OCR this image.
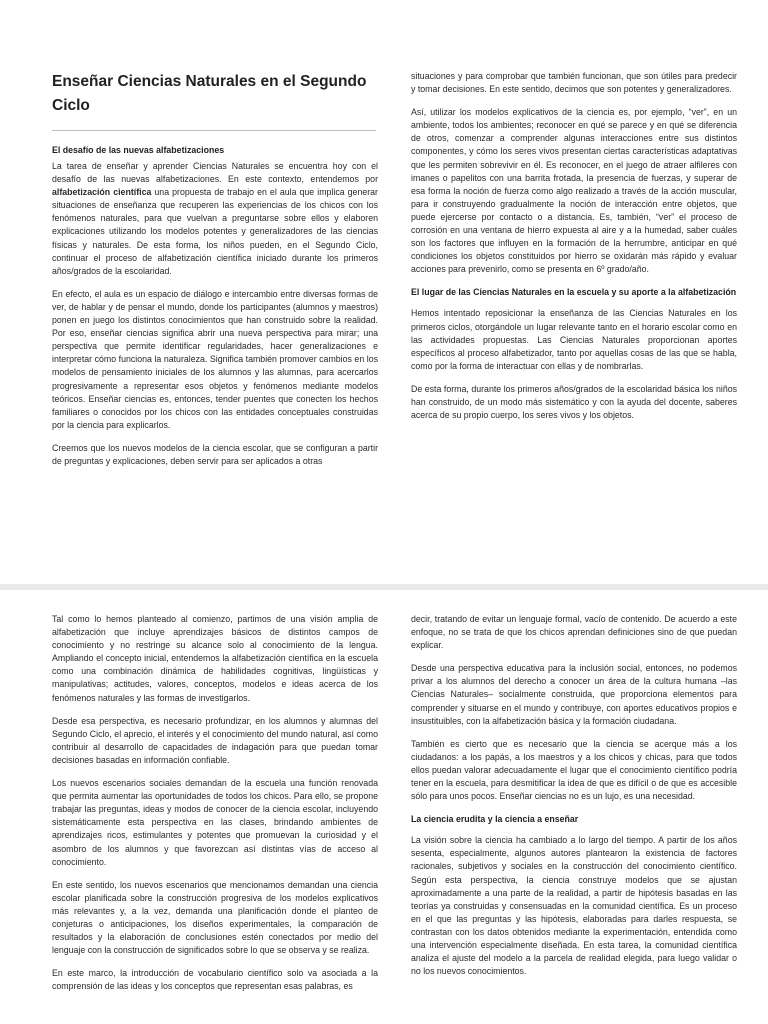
Enseñar Ciencias Naturales en el Segundo Ciclo
El desafío de las nuevas alfabetizaciones

La tarea de enseñar y aprender Ciencias Naturales se encuentra hoy con el desafío de las nuevas alfabetizaciones. En este contexto, entendemos por alfabetización científica una propuesta de trabajo en el aula que implica generar situaciones de enseñanza que recuperen las experiencias de los chicos con los fenómenos naturales, para que vuelvan a preguntarse sobre ellos y elaboren explicaciones utilizando los modelos potentes y generalizadores de las ciencias físicas y naturales. De esta forma, los niños pueden, en el Segundo Ciclo, continuar el proceso de alfabetización científica iniciado durante los primeros años/grados de la escolaridad.

En efecto, el aula es un espacio de diálogo e intercambio entre diversas formas de ver, de hablar y de pensar el mundo, donde los participantes (alumnos y maestros) ponen en juego los distintos conocimientos que han construido sobre la realidad. Por eso, enseñar ciencias significa abrir una nueva perspectiva para mirar; una perspectiva que permite identificar regularidades, hacer generalizaciones e interpretar cómo funciona la naturaleza. Significa también promover cambios en los modelos de pensamiento iniciales de los alumnos y las alumnas, para acercarlos progresivamente a representar esos objetos y fenómenos mediante modelos teóricos. Enseñar ciencias es, entonces, tender puentes que conecten los hechos familiares o conocidos por los chicos con las entidades conceptuales construidas por la ciencia para explicarlos.

Creemos que los nuevos modelos de la ciencia escolar, que se configuran a partir de preguntas y explicaciones, deben servir para ser aplicados a otras

situaciones y para comprobar que también funcionan, que son útiles para predecir y tomar decisiones. En este sentido, decimos que son potentes y generalizadores.

Así, utilizar los modelos explicativos de la ciencia es, por ejemplo, “ver”, en un ambiente, todos los ambientes; reconocer en qué se parece y en qué se diferencia de otros, comenzar a comprender algunas interacciones entre sus distintos componentes, y cómo los seres vivos presentan ciertas características adaptativas que les permiten sobrevivir en él. Es reconocer, en el juego de atraer alfileres con imanes o papelitos con una barrita frotada, la presencia de fuerzas, y superar de esa forma la noción de fuerza como algo realizado a través de la acción muscular, para ir construyendo gradualmente la noción de interacción entre objetos, que puede ejercerse por contacto o a distancia. Es, también, “ver” el proceso de corrosión en una ventana de hierro expuesta al aire y a la humedad, saber cuáles son los factores que influyen en la formación de la herrumbre, anticipar en qué condiciones los objetos constituidos por hierro se oxidarán más rápido y evaluar acciones para prevenirlo, como se presenta en 6º grado/año.

El lugar de las Ciencias Naturales en la escuela y su aporte a la alfabetización

Hemos intentado reposicionar la enseñanza de las Ciencias Naturales en los primeros ciclos, otorgándole un lugar relevante tanto en el horario escolar como en las actividades propuestas. Las Ciencias Naturales proporcionan aportes específicos al proceso alfabetizador, tanto por aquellas cosas de las que se habla, como por la forma de interactuar con ellas y de nombrarlas.

De esta forma, durante los primeros años/grados de la escolaridad básica los niños han construido, de un modo más sistemático y con la ayuda del docente, saberes acerca de su propio cuerpo, los seres vivos y los objetos.

Tal como lo hemos planteado al comienzo, partimos de una visión amplia de alfabetización que incluye aprendizajes básicos de distintos campos de conocimiento y no restringe su alcance solo al conocimiento de la lengua. Ampliando el concepto inicial, entendemos la alfabetización científica en la escuela como una combinación dinámica de habilidades cognitivas, lingüísticas y manipulativas; actitudes, valores, conceptos, modelos e ideas acerca de los fenómenos naturales y las formas de investigarlos.

Desde esa perspectiva, es necesario profundizar, en los alumnos y alumnas del Segundo Ciclo, el aprecio, el interés y el conocimiento del mundo natural, así como contribuir al desarrollo de capacidades de indagación para que puedan tomar decisiones basadas en información confiable.

Los nuevos escenarios sociales demandan de la escuela una función renovada que permita aumentar las oportunidades de todos los chicos. Para ello, se propone trabajar las preguntas, ideas y modos de conocer de la ciencia escolar, incluyendo sistemáticamente esta perspectiva en las clases, brindando ambientes de aprendizajes ricos, estimulantes y potentes que promuevan la curiosidad y el asombro de los alumnos y que favorezcan así distintas vías de acceso al conocimiento.

En este sentido, los nuevos escenarios que mencionamos demandan una ciencia escolar planificada sobre la construcción progresiva de los modelos explicativos más relevantes y, a la vez, demanda una planificación donde el planteo de conjeturas o anticipaciones, los diseños experimentales, la comparación de resultados y la elaboración de conclusiones estén conectados por medio del lenguaje con la construcción de significados sobre lo que se observa y se realiza.

En este marco, la introducción de vocabulario científico solo va asociada a la comprensión de las ideas y los conceptos que representan esas palabras, es

decir, tratando de evitar un lenguaje formal, vacío de contenido. De acuerdo a este enfoque, no se trata de que los chicos aprendan definiciones sino de que puedan explicar.

Desde una perspectiva educativa para la inclusión social, entonces, no podemos privar a los alumnos del derecho a conocer un área de la cultura humana –las Ciencias Naturales– socialmente construida, que proporciona elementos para comprender y situarse en el mundo y contribuye, con aportes educativos propios e insustituibles, con la alfabetización básica y la formación ciudadana.

También es cierto que es necesario que la ciencia se acerque más a los ciudadanos: a los papás, a los maestros y a los chicos y chicas, para que todos ellos puedan valorar adecuadamente el lugar que el conocimiento científico podría tener en la escuela, para desmitificar la idea de que es difícil o de que es accesible sólo para unos pocos. Enseñar ciencias no es un lujo, es una necesidad.

La ciencia erudita y la ciencia a enseñar

La visión sobre la ciencia ha cambiado a lo largo del tiempo. A partir de los años sesenta, especialmente, algunos autores plantearon la existencia de factores racionales, subjetivos y sociales en la construcción del conocimiento científico. Según esta perspectiva, la ciencia construye modelos que se ajustan aproximadamente a una parte de la realidad, a partir de hipótesis basadas en las teorías ya construidas y consensuadas en la comunidad científica. Es un proceso en el que las preguntas y las hipótesis, elaboradas para darles respuesta, se contrastan con los datos obtenidos mediante la experimentación, entendida como una intervención especialmente diseñada. En esta tarea, la comunidad científica analiza el ajuste del modelo a la parcela de realidad elegida, para luego validar o no los nuevos conocimientos.
